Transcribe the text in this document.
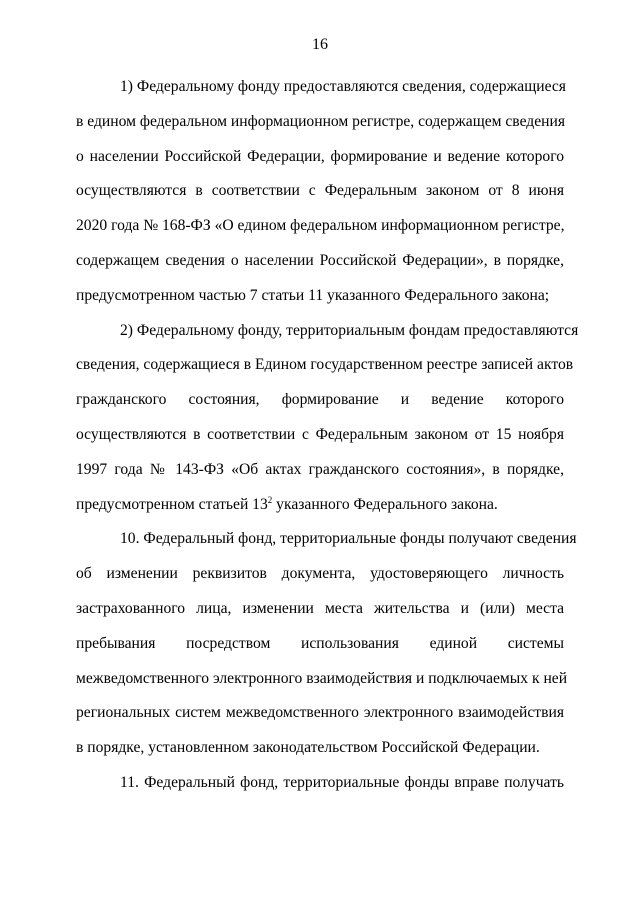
16
1) Федеральному фонду предоставляются сведения, содержащиеся
в едином федеральном информационном регистре, содержащем сведения
о населении Российской Федерации, формирование и ведение которого
осуществляются в соответствии с Федеральным законом от 8 июня
2020 года № 168-ФЗ «О едином федеральном информационном регистре,
содержащем сведения о населении Российской Федерации», в порядке,
предусмотренном частью 7 статьи 11 указанного Федерального закона;
2) Федеральному фонду, территориальным фондам предоставляются
сведения, содержащиеся в Едином государственном реестре записей актов
гражданского состояния, формирование и ведение которого
осуществляются в соответствии с Федеральным законом от 15 ноября
1997 года № 143-ФЗ «Об актах гражданского состояния», в порядке,
предусмотренном статьей $13^2$ указанного Федерального закона.
10. Федеральный фонд, территориальные фонды получают сведения
об изменении реквизитов документа, удостоверяющего личность
застрахованного лица, изменении места жительства и (или) места
пребывания посредством использования единой системы
межведомственного электронного взаимодействия и подключаемых к ней
региональных систем межведомственного электронного взаимодействия
в порядке, установленном законодательством Российской Федерации.
11. Федеральный фонд, территориальные фонды вправе получать
